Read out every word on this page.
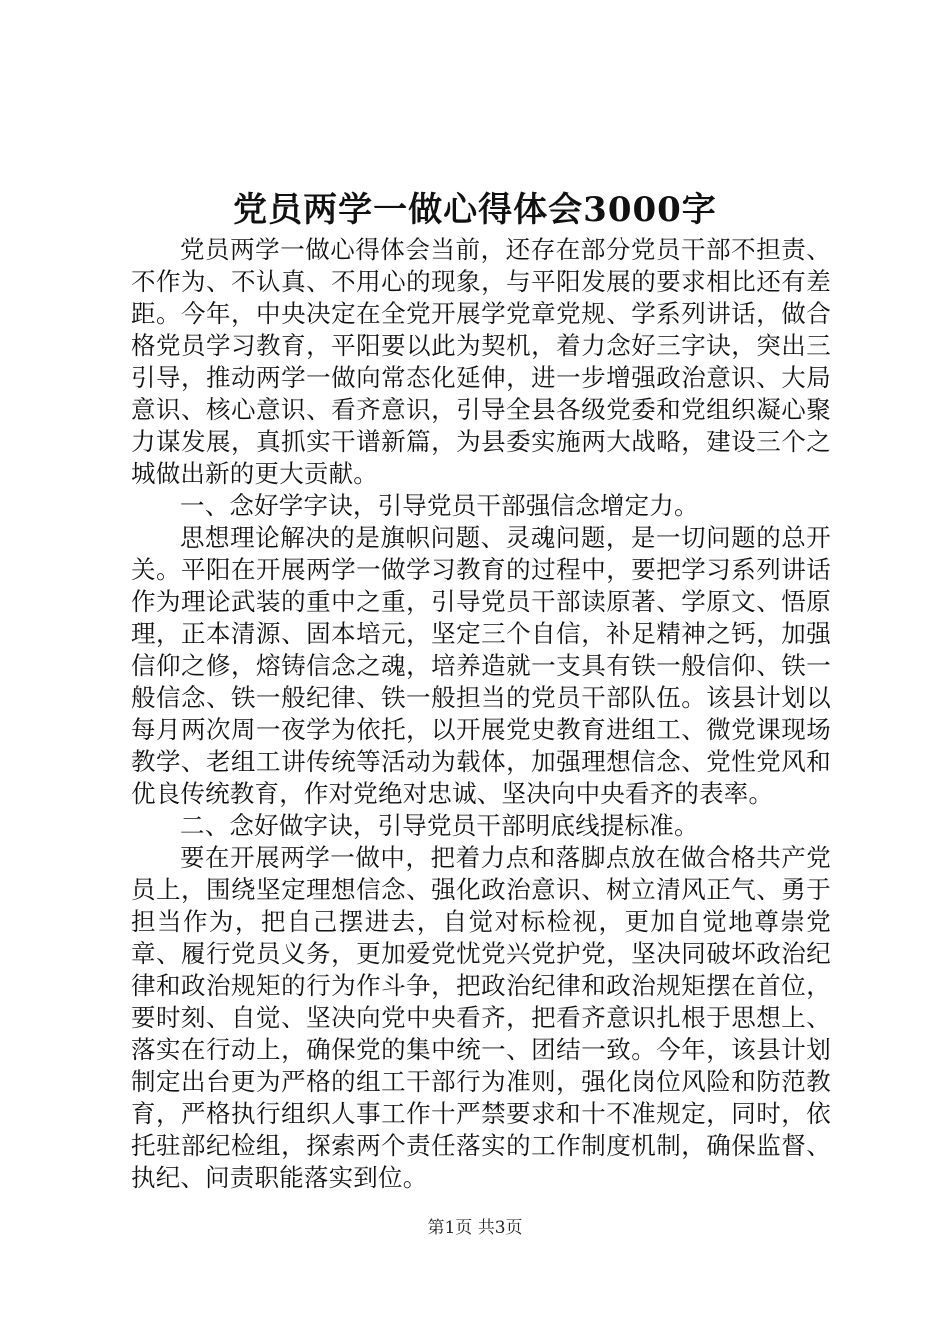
党员两学一做心得体会3000字

党员两学一做心得体会当前，还存在部分党员干部不担责、不作为、不认真、不用心的现象，与平阳发展的要求相比还有差距。今年，中央决定在全党开展学党章党规、学系列讲话，做合格党员学习教育，平阳要以此为契机，着力念好三字诀，突出三引导，推动两学一做向常态化延伸，进一步增强政治意识、大局意识、核心意识、看齐意识，引导全县各级党委和党组织凝心聚力谋发展，真抓实干谱新篇，为县委实施两大战略，建设三个之城做出新的更大贡献。

一、念好学字诀，引导党员干部强信念增定力。

思想理论解决的是旗帜问题、灵魂问题，是一切问题的总开关。平阳在开展两学一做学习教育的过程中，要把学习系列讲话作为理论武装的重中之重，引导党员干部读原著、学原文、悟原理，正本清源、固本培元，坚定三个自信，补足精神之钙，加强信仰之修，熔铸信念之魂，培养造就一支具有铁一般信仰、铁一般信念、铁一般纪律、铁一般担当的党员干部队伍。该县计划以每月两次周一夜学为依托，以开展党史教育进组工、微党课现场教学、老组工讲传统等活动为载体，加强理想信念、党性党风和优良传统教育，作对党绝对忠诚、坚决向中央看齐的表率。

二、念好做字诀，引导党员干部明底线提标准。

要在开展两学一做中，把着力点和落脚点放在做合格共产党员上，围绕坚定理想信念、强化政治意识、树立清风正气、勇于担当作为，把自己摆进去，自觉对标检视，更加自觉地尊崇党章、履行党员义务，更加爱党忧党兴党护党，坚决同破坏政治纪律和政治规矩的行为作斗争，把政治纪律和政治规矩摆在首位，要时刻、自觉、坚决向党中央看齐，把看齐意识扎根于思想上、落实在行动上，确保党的集中统一、团结一致。今年，该县计划制定出台更为严格的组工干部行为准则，强化岗位风险和防范教育，严格执行组织人事工作十严禁要求和十不准规定，同时，依托驻部纪检组，探索两个责任落实的工作制度机制，确保监督、执纪、问责职能落实到位。

第1页 共3页
